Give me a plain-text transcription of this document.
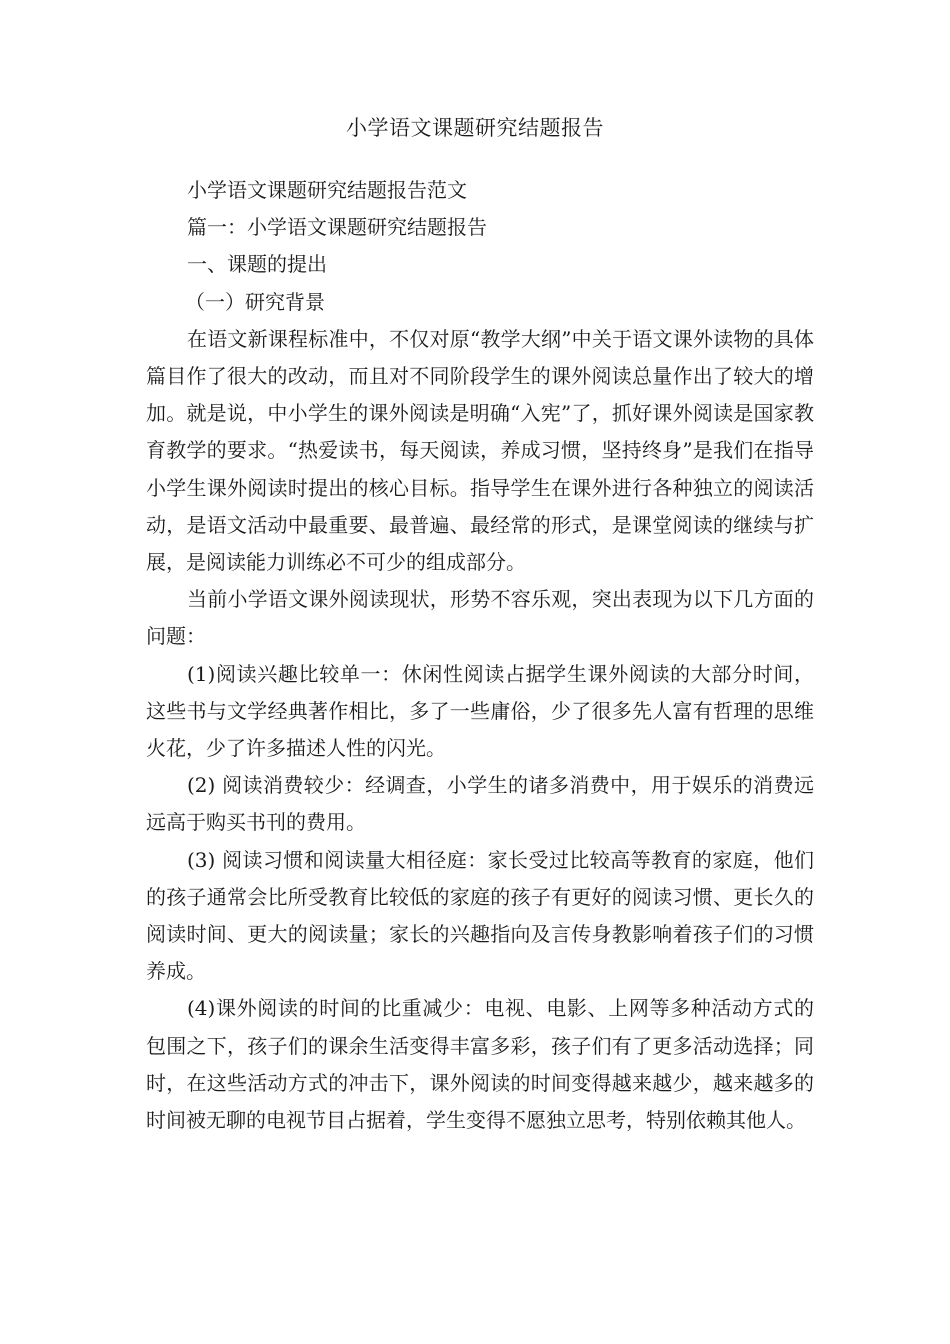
小学语文课题研究结题报告

小学语文课题研究结题报告范文

篇一：小学语文课题研究结题报告

一、课题的提出

（一）研究背景

在语文新课程标准中，不仅对原“教学大纲”中关于语文课外读物的具体篇目作了很大的改动，而且对不同阶段学生的课外阅读总量作出了较大的增加。就是说，中小学生的课外阅读是明确“入宪”了，抓好课外阅读是国家教育教学的要求。“热爱读书，每天阅读，养成习惯，坚持终身”是我们在指导小学生课外阅读时提出的核心目标。指导学生在课外进行各种独立的阅读活动，是语文活动中最重要、最普遍、最经常的形式，是课堂阅读的继续与扩展，是阅读能力训练必不可少的组成部分。

当前小学语文课外阅读现状，形势不容乐观，突出表现为以下几方面的问题：

(1)阅读兴趣比较单一：休闲性阅读占据学生课外阅读的大部分时间，这些书与文学经典著作相比，多了一些庸俗，少了很多先人富有哲理的思维火花，少了许多描述人性的闪光。

(2) 阅读消费较少：经调查，小学生的诸多消费中，用于娱乐的消费远远高于购买书刊的费用。

(3) 阅读习惯和阅读量大相径庭：家长受过比较高等教育的家庭，他们的孩子通常会比所受教育比较低的家庭的孩子有更好的阅读习惯、更长久的阅读时间、更大的阅读量；家长的兴趣指向及言传身教影响着孩子们的习惯养成。

(4)课外阅读的时间的比重减少：电视、电影、上网等多种活动方式的包围之下，孩子们的课余生活变得丰富多彩，孩子们有了更多活动选择；同时，在这些活动方式的冲击下，课外阅读的时间变得越来越少，越来越多的时间被无聊的电视节目占据着，学生变得不愿独立思考，特别依赖其他人。
